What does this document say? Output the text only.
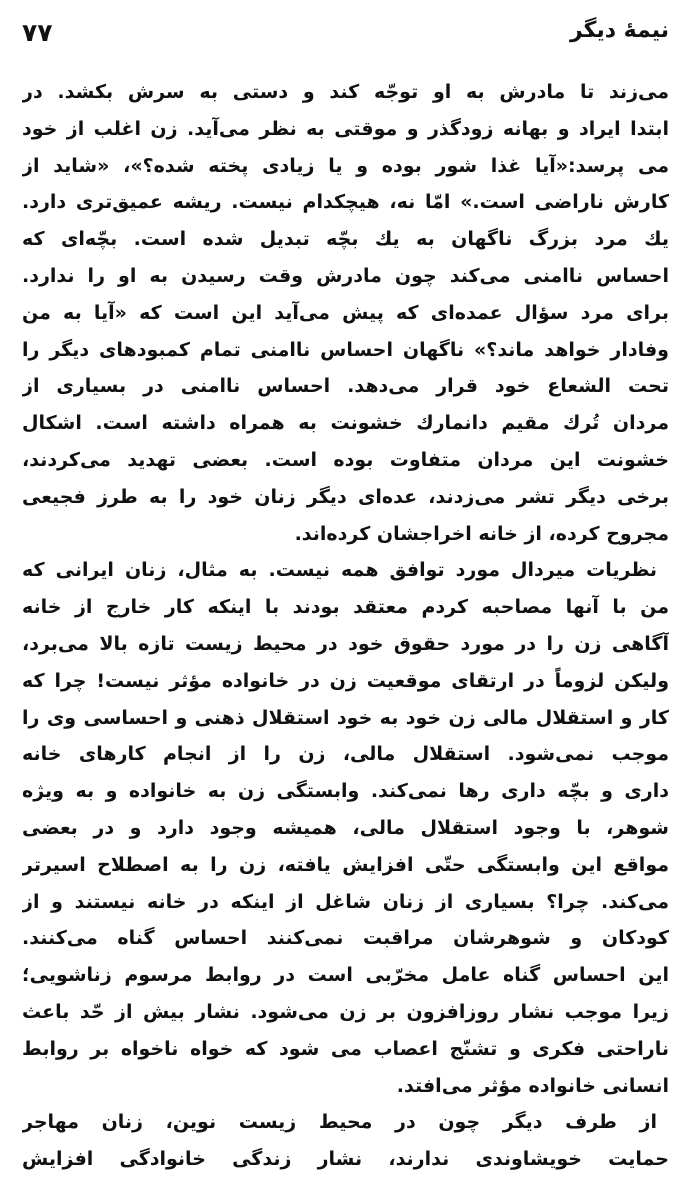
۷۷	نیمهٔ دیگر
می‌زند تا مادرش به او توجّه کند و دستی به سرش بکشد. در
ابتدا ایراد و بهانه زودگذر و موقتی به نظر می‌آید. زن اغلب از خود
می پرسد:«آیا غذا شور بوده و یا زیادی پخته شده؟»، «شاید از
کارش ناراضی است.» امّا نه، هیچکدام نیست. ریشه عمیق‌تری دارد.
یك مرد بزرگ ناگهان به یك بچّه تبدیل شده است. بچّه‌ای که
احساس ناامنی می‌کند چون مادرش وقت رسیدن به او را ندارد.
برای مرد سؤال عمده‌ای که پیش می‌آید این است که «آیا به من
وفادار خواهد ماند؟» ناگهان احساس ناامنی تمام کمبودهای دیگر را
تحت الشعاع خود قرار می‌دهد. احساس ناامنی در بسیاری از
مردان تُرك مقیم دانمارك خشونت به همراه داشته است. اشکال
خشونت این مردان متفاوت بوده است. بعضی تهدید می‌کردند،
برخی دیگر تشر می‌زدند، عده‌ای دیگر زنان خود را به طرز فجیعی
مجروح کرده، از خانه اخراجشان کرده‌اند.
نظریات میردال مورد توافق همه نیست. به مثال، زنان ایرانی که
من با آنها مصاحبه کردم معتقد بودند با اینکه کار خارج از خانه
آگاهی زن را در مورد حقوق خود در محیط زیست تازه بالا می‌برد،
ولیکن لزوماً در ارتقای موقعیت زن در خانواده مؤثر نیست! چرا که
کار و استقلال مالی زن خود به خود استقلال ذهنی و احساسی وی را
موجب نمی‌شود. استقلال مالی، زن را از انجام کارهای خانه
داری و بچّه داری رها نمی‌کند. وابستگی زن به خانواده و به ویژه
شوهر، با وجود استقلال مالی، همیشه وجود دارد و در بعضی
مواقع این وابستگی حتّی افزایش یافته، زن را به اصطلاح اسیرتر
می‌کند. چرا؟ بسیاری از زنان شاغل از اینکه در خانه نیستند و از
کودکان و شوهرشان مراقبت نمی‌کنند احساس گناه می‌کنند.
این احساس گناه عامل مخرّبی است در روابط مرسوم زناشویی؛
زیرا موجب نشار روزافزون بر زن می‌شود. نشار بیش از حّد باعث
ناراحتی فکری و تشنّج اعصاب می شود که خواه ناخواه بر روابط
انسانی خانواده مؤثر می‌افتد.
از طرف دیگر چون در محیط زیست نوین، زنان مهاجر
حمایت خویشاوندی ندارند، نشار زندگی خانوادگی افزایش
